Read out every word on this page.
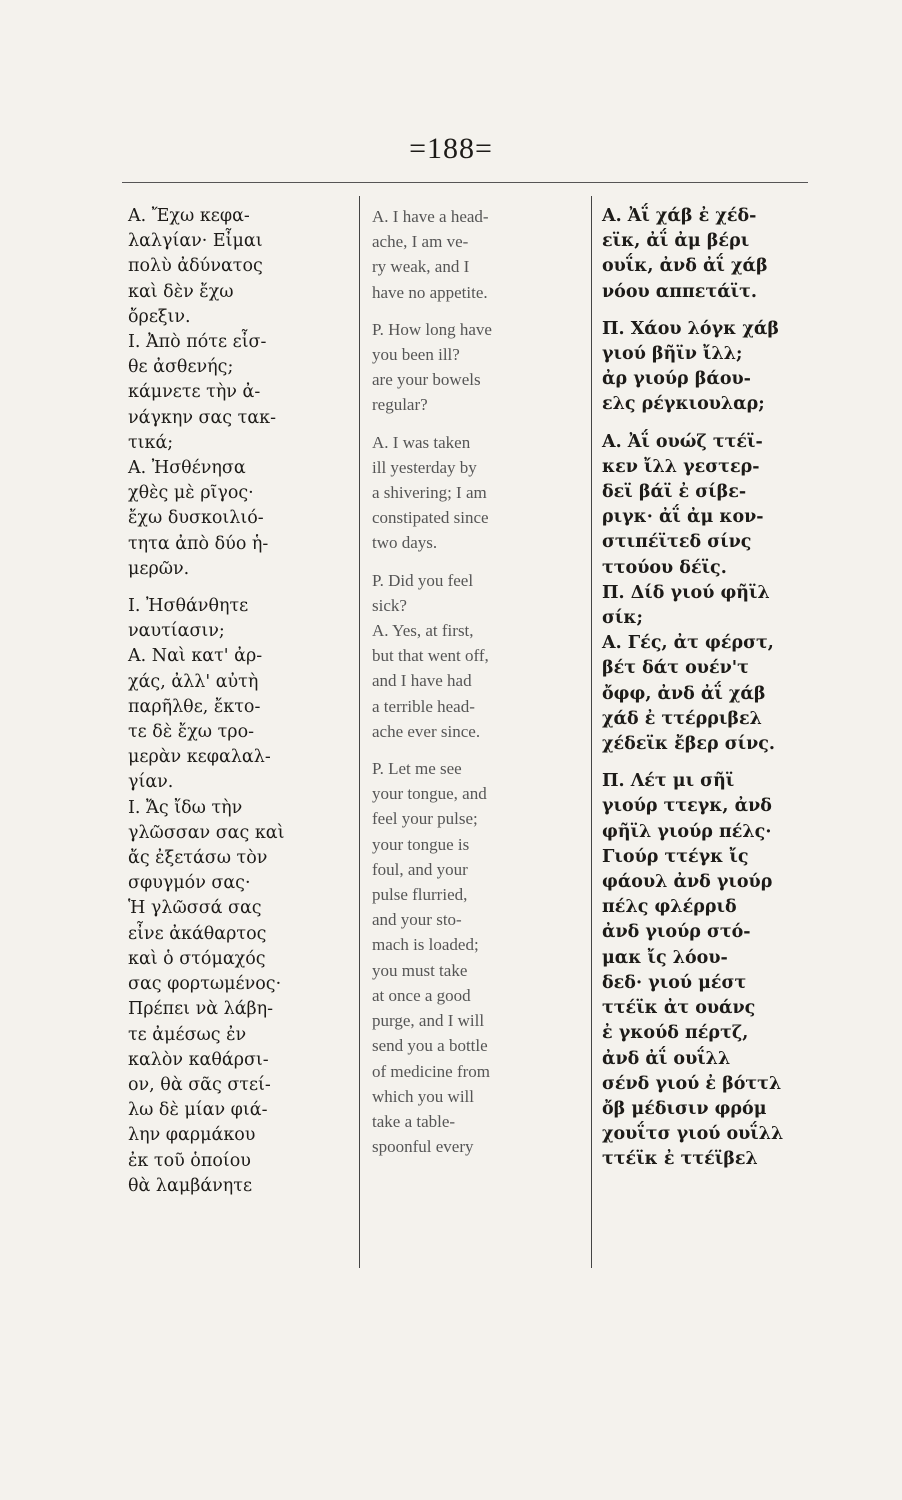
=188=
Α. Ἔχω κεφα-
λαλγίαν· Εἶμαι
πολὺ ἀδύνατος
καὶ δὲν ἔχω
ὄρεξιν.
Ι. Ἀπὸ πότε εἶσ-
θε ἀσθενής;
κάμνετε τὴν ἀ-
νάγκην σας τακ-
τικά;
Α. Ἠσθένησα
χθὲς μὲ ρῖγος·
ἔχω δυσκοιλιό-
τητα ἀπὸ δύο ἡ-
μερῶν.
Ι. Ἠσθάνθητε
ναυτίασιν;
Α. Ναὶ κατ' ἀρ-
χάς, ἀλλ' αὐτὴ
παρῆλθε, ἔκτο-
τε δὲ ἔχω τρο-
μερὰν κεφαλαλ-
γίαν.
Ι. Ἄς ἴδω τὴν
γλῶσσαν σας καὶ
ἄς ἐξετάσω τὸν
σφυγμόν σας·
Ἡ γλῶσσά σας
εἶνε ἀκάθαρτος
καὶ ὁ στόμαχός
σας φορτωμένος·
Πρέπει νὰ λάβη-
τε ἀμέσως ἐν
καλὸν καθάρσι-
ον, θὰ σᾶς στεί-
λω δὲ μίαν φιά-
λην φαρμάκου
ἐκ τοῦ ὁποίου
θὰ λαμβάνητε
A. I have a head-
ache, I am ve-
ry weak, and I
have no appetite.
P. How long have
you been ill?
are your bowels
regular?
A. I was taken
ill yesterday by
a shivering; I am
constipated since
two days.
P. Did you feel
sick?
A. Yes, at first,
but that went off,
and I have had
a terrible head-
ache ever since.
P. Let me see
your tongue, and
feel your pulse;
your tongue is
foul, and your
pulse flurried,
and your sto-
mach is loaded;
you must take
at once a good
purge, and I will
send you a bottle
of medicine from
which you will
take a table-
spoonful every
Α. Ἀΐ χάβ ἐ χέδ-
εϊκ, ἀΐ ἀμ βέρι
ουΐκ, ἀνδ ἀΐ χάβ
νόου αππετάϊτ.
Π. Χάου λόγκ χάβ
γιού βῆϊν ἴλλ;
ἀρ γιούρ βάου-
ελς ρέγκιουλαρ;
Α. Ἀΐ ουώζ ττέϊ-
κεν ἴλλ γεστερ-
δεϊ βάϊ ἐ σίβε-
ριγκ· ἀΐ ἀμ κον-
στιπέϊτεδ σίνς
ττούου δέϊς.
Π. Δίδ γιού φῆϊλ
σίκ;
Α. Γές, ἀτ φέρστ,
βέτ δάτ ουέν'τ
ὄφφ, ἀνδ ἀΐ χάβ
χάδ ἐ ττέρριβελ
χέδεϊκ ἔβερ σίνς.
Π. Λέτ μι σῆϊ
γιούρ ττεγκ, ἀνδ
φῆϊλ γιούρ πέλς·
Γιούρ ττέγκ ἴς
φάουλ ἀνδ γιούρ
πέλς φλέρριδ
ἀνδ γιούρ στό-
μακ ἴς λόου-
δεδ· γιού μέστ
ττέϊκ ἀτ ουάνς
ἐ γκούδ πέρτζ,
ἀνδ ἀΐ ουΐλλ
σένδ γιού ἐ βόττλ
ὄβ μέδισιν φρόμ
χουΐτσ γιού ουΐλλ
ττέϊκ ἐ ττέϊβελ
